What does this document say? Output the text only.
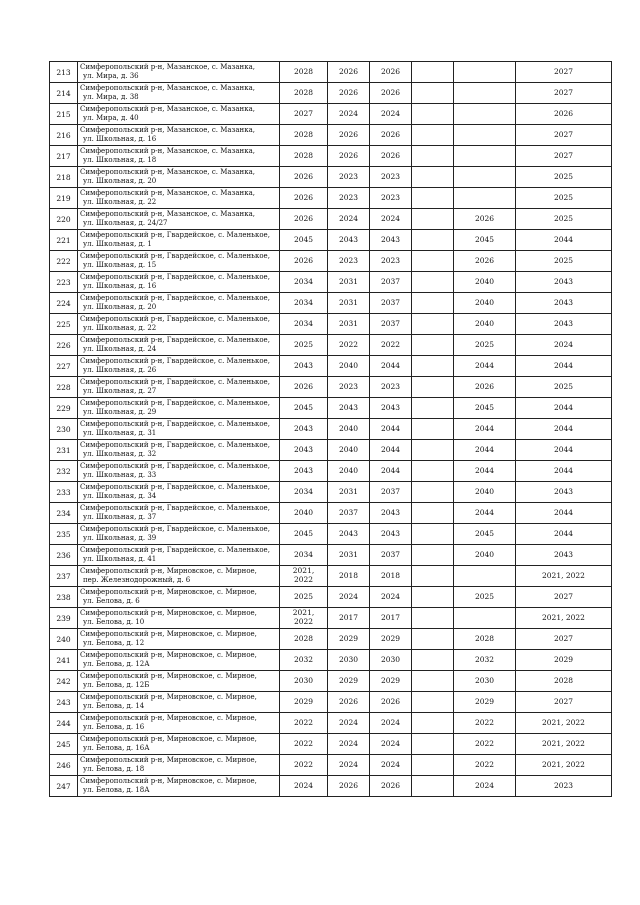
213	Симферопольский р-н, Мазанское, с. Мазанка,
ул. Мира, д. 36	2028	2026	2026			2027
214	Симферопольский р-н, Мазанское, с. Мазанка,
ул. Мира, д. 38	2028	2026	2026			2027
215	Симферопольский р-н, Мазанское, с. Мазанка,
ул. Мира, д. 40	2027	2024	2024			2026
216	Симферопольский р-н, Мазанское, с. Мазанка,
ул. Школьная, д. 16	2028	2026	2026			2027
217	Симферопольский р-н, Мазанское, с. Мазанка,
ул. Школьная, д. 18	2028	2026	2026			2027
218	Симферопольский р-н, Мазанское, с. Мазанка,
ул. Школьная, д. 20	2026	2023	2023			2025
219	Симферопольский р-н, Мазанское, с. Мазанка,
ул. Школьная, д. 22	2026	2023	2023			2025
220	Симферопольский р-н, Мазанское, с. Мазанка,
ул. Школьная, д. 24/27	2026	2024	2024		2026	2025
221	Симферопольский р-н, Гвардейское, с. Маленькое,
ул. Школьная, д. 1	2045	2043	2043		2045	2044
222	Симферопольский р-н, Гвардейское, с. Маленькое,
ул. Школьная, д. 15	2026	2023	2023		2026	2025
223	Симферопольский р-н, Гвардейское, с. Маленькое,
ул. Школьная, д. 16	2034	2031	2037		2040	2043
224	Симферопольский р-н, Гвардейское, с. Маленькое,
ул. Школьная, д. 20	2034	2031	2037		2040	2043
225	Симферопольский р-н, Гвардейское, с. Маленькое,
ул. Школьная, д. 22	2034	2031	2037		2040	2043
226	Симферопольский р-н, Гвардейское, с. Маленькое,
ул. Школьная, д. 24	2025	2022	2022		2025	2024
227	Симферопольский р-н, Гвардейское, с. Маленькое,
ул. Школьная, д. 26	2043	2040	2044		2044	2044
228	Симферопольский р-н, Гвардейское, с. Маленькое,
ул. Школьная, д. 27	2026	2023	2023		2026	2025
229	Симферопольский р-н, Гвардейское, с. Маленькое,
ул. Школьная, д. 29	2045	2043	2043		2045	2044
230	Симферопольский р-н, Гвардейское, с. Маленькое,
ул. Школьная, д. 31	2043	2040	2044		2044	2044
231	Симферопольский р-н, Гвардейское, с. Маленькое,
ул. Школьная, д. 32	2043	2040	2044		2044	2044
232	Симферопольский р-н, Гвардейское, с. Маленькое,
ул. Школьная, д. 33	2043	2040	2044		2044	2044
233	Симферопольский р-н, Гвардейское, с. Маленькое,
ул. Школьная, д. 34	2034	2031	2037		2040	2043
234	Симферопольский р-н, Гвардейское, с. Маленькое,
ул. Школьная, д. 37	2040	2037	2043		2044	2044
235	Симферопольский р-н, Гвардейское, с. Маленькое,
ул. Школьная, д. 39	2045	2043	2043		2045	2044
236	Симферопольский р-н, Гвардейское, с. Маленькое,
ул. Школьная, д. 41	2034	2031	2037		2040	2043
237	Симферопольский р-н, Мирновское, с. Мирное,
пер. Железнодорожный, д. 6	2021,
2022	2018	2018			2021, 2022
238	Симферопольский р-н, Мирновское, с. Мирное,
ул. Белова, д. 6	2025	2024	2024		2025	2027
239	Симферопольский р-н, Мирновское, с. Мирное,
ул. Белова, д. 10	2021,
2022	2017	2017			2021, 2022
240	Симферопольский р-н, Мирновское, с. Мирное,
ул. Белова, д. 12	2028	2029	2029		2028	2027
241	Симферопольский р-н, Мирновское, с. Мирное,
ул. Белова, д. 12А	2032	2030	2030		2032	2029
242	Симферопольский р-н, Мирновское, с. Мирное,
ул. Белова, д. 12Б	2030	2029	2029		2030	2028
243	Симферопольский р-н, Мирновское, с. Мирное,
ул. Белова, д. 14	2029	2026	2026		2029	2027
244	Симферопольский р-н, Мирновское, с. Мирное,
ул. Белова, д. 16	2022	2024	2024		2022	2021, 2022
245	Симферопольский р-н, Мирновское, с. Мирное,
ул. Белова, д. 16А	2022	2024	2024		2022	2021, 2022
246	Симферопольский р-н, Мирновское, с. Мирное,
ул. Белова, д. 18	2022	2024	2024		2022	2021, 2022
247	Симферопольский р-н, Мирновское, с. Мирное,
ул. Белова, д. 18А	2024	2026	2026		2024	2023
